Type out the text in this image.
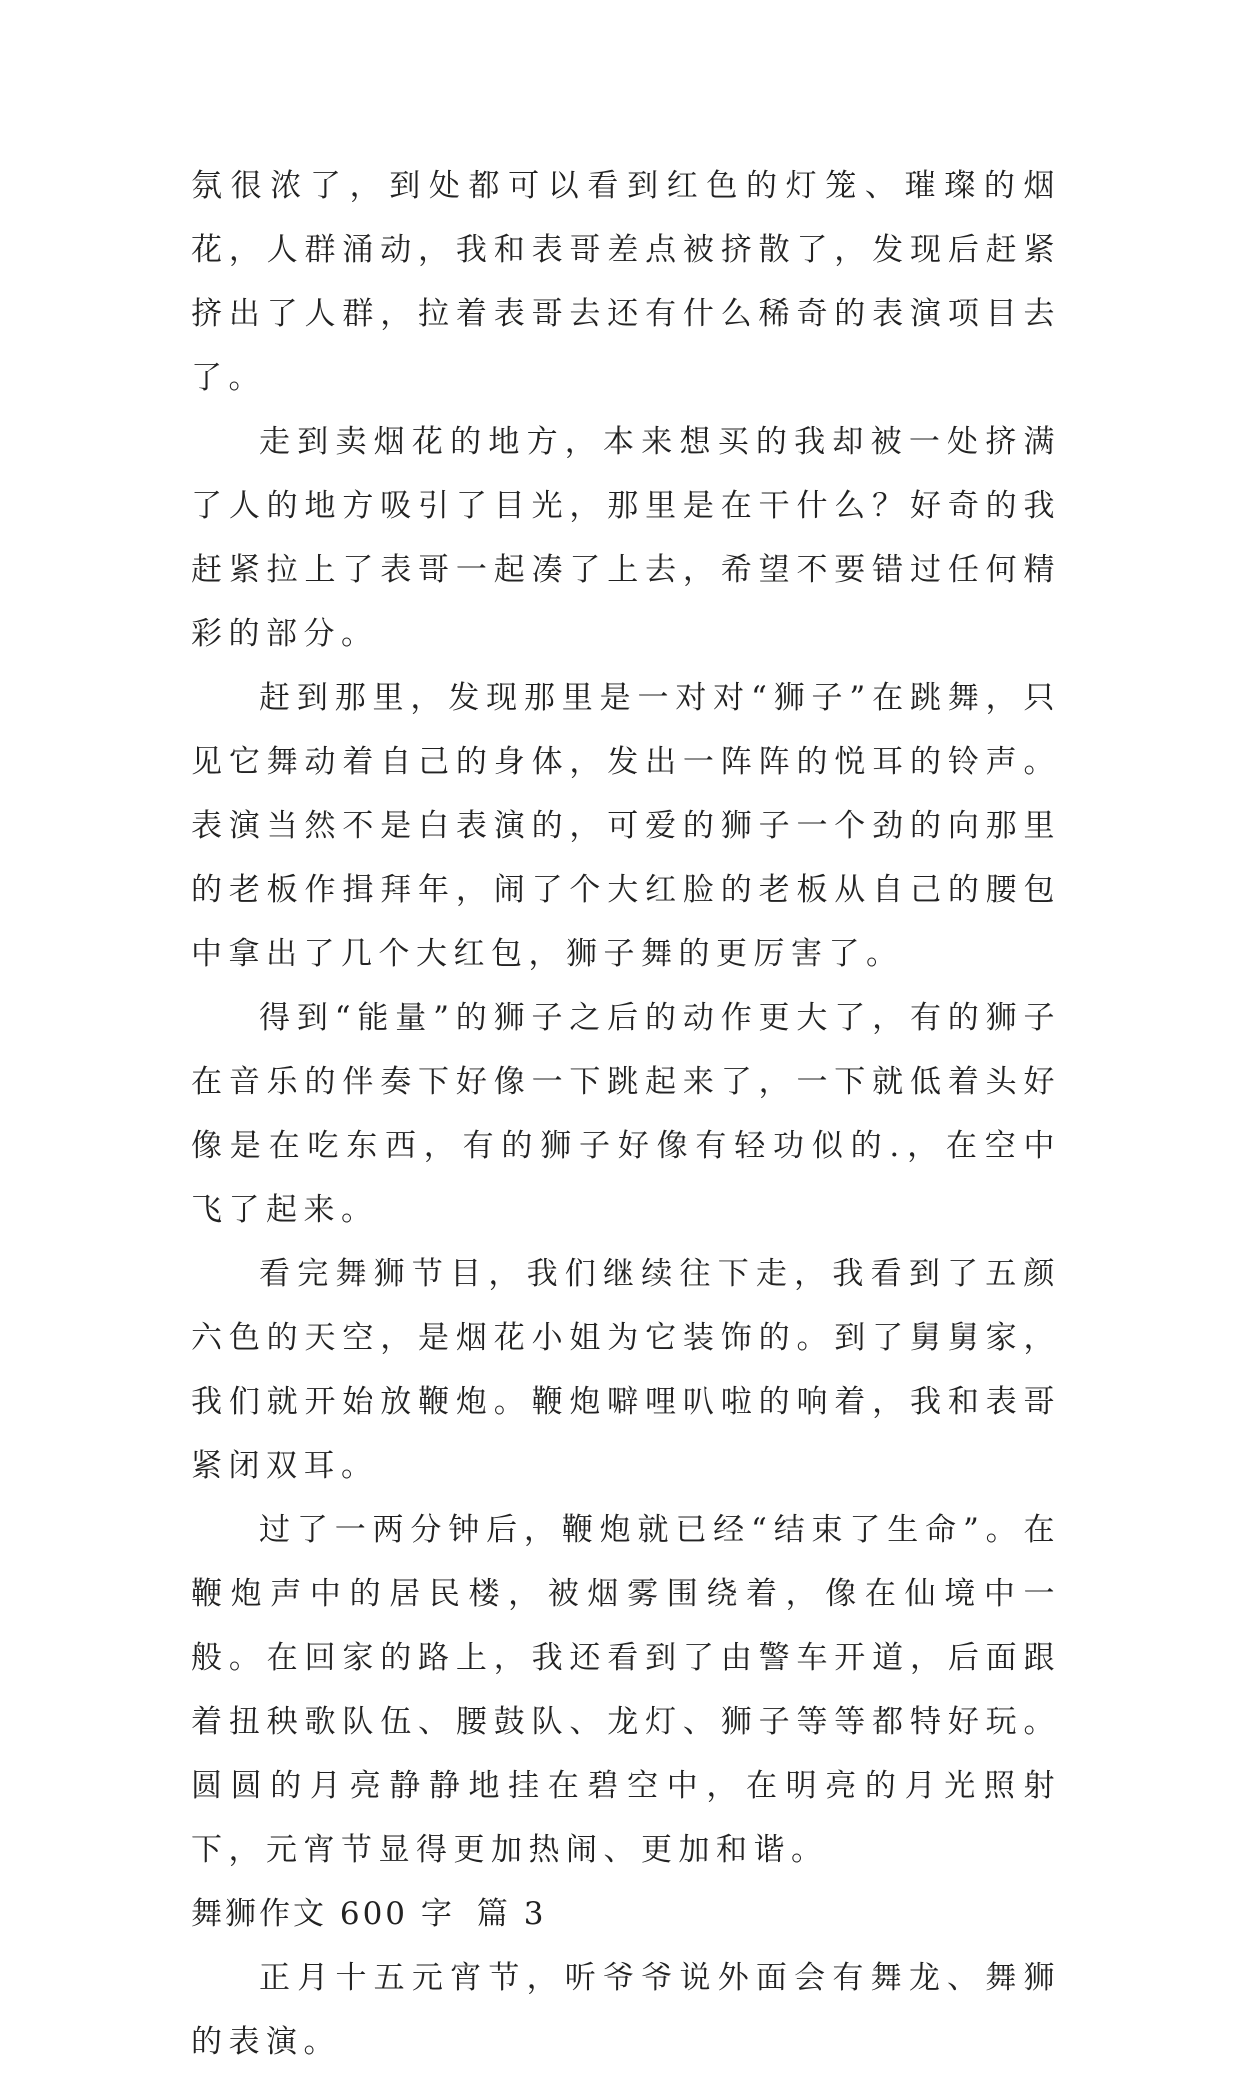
氛很浓了，到处都可以看到红色的灯笼、璀璨的烟花，人群涌动，我和表哥差点被挤散了，发现后赶紧挤出了人群，拉着表哥去还有什么稀奇的表演项目去了。

走到卖烟花的地方，本来想买的我却被一处挤满了人的地方吸引了目光，那里是在干什么？好奇的我赶紧拉上了表哥一起凑了上去，希望不要错过任何精彩的部分。

赶到那里，发现那里是一对对“狮子”在跳舞，只见它舞动着自己的身体，发出一阵阵的悦耳的铃声。表演当然不是白表演的，可爱的狮子一个劲的向那里的老板作揖拜年，闹了个大红脸的老板从自己的腰包中拿出了几个大红包，狮子舞的更厉害了。

得到“能量”的狮子之后的动作更大了，有的狮子在音乐的伴奏下好像一下跳起来了，一下就低着头好像是在吃东西，有的狮子好像有轻功似的.，在空中飞了起来。

看完舞狮节目，我们继续往下走，我看到了五颜六色的天空，是烟花小姐为它装饰的。到了舅舅家，我们就开始放鞭炮。鞭炮噼哩叭啦的响着，我和表哥紧闭双耳。

过了一两分钟后，鞭炮就已经“结束了生命”。在鞭炮声中的居民楼，被烟雾围绕着，像在仙境中一般。在回家的路上，我还看到了由警车开道，后面跟着扭秧歌队伍、腰鼓队、龙灯、狮子等等都特好玩。圆圆的月亮静静地挂在碧空中，在明亮的月光照射下，元宵节显得更加热闹、更加和谐。

舞狮作文 600 字 篇 3

正月十五元宵节，听爷爷说外面会有舞龙、舞狮的表演。
